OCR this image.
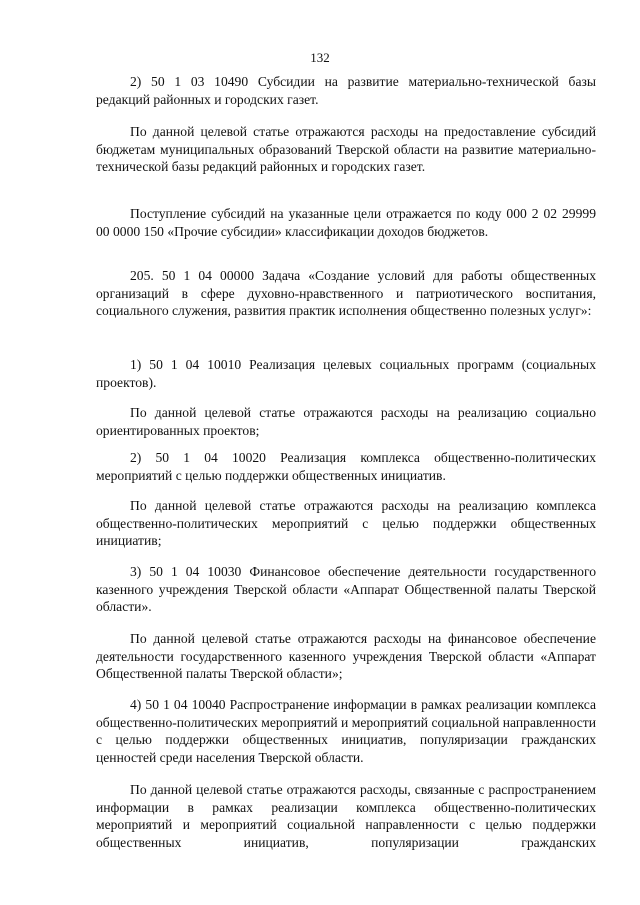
132

2) 50 1 03 10490 Субсидии на развитие материально-технической базы редакций районных и городских газет.

По данной целевой статье отражаются расходы на предоставление субсидий бюджетам муниципальных образований Тверской области на развитие материально-технической базы редакций районных и городских газет.

Поступление субсидий на указанные цели отражается по коду 000 2 02 29999 00 0000 150 «Прочие субсидии» классификации доходов бюджетов.

205. 50 1 04 00000 Задача «Создание условий для работы общественных организаций в сфере духовно-нравственного и патриотического воспитания, социального служения, развития практик исполнения общественно полезных услуг»:

1) 50 1 04 10010 Реализация целевых социальных программ (социальных проектов).

По данной целевой статье отражаются расходы на реализацию социально ориентированных проектов;

2) 50 1 04 10020 Реализация комплекса общественно-политических мероприятий с целью поддержки общественных инициатив.

По данной целевой статье отражаются расходы на реализацию комплекса общественно-политических мероприятий с целью поддержки общественных инициатив;

3) 50 1 04 10030 Финансовое обеспечение деятельности государственного казенного учреждения Тверской области «Аппарат Общественной палаты Тверской области».

По данной целевой статье отражаются расходы на финансовое обеспечение деятельности государственного казенного учреждения Тверской области «Аппарат Общественной палаты Тверской области»;

4) 50 1 04 10040 Распространение информации в рамках реализации комплекса общественно-политических мероприятий и мероприятий социальной направленности с целью поддержки общественных инициатив, популяризации гражданских ценностей среди населения Тверской области.

По данной целевой статье отражаются расходы, связанные с распространением информации в рамках реализации комплекса общественно-политических мероприятий и мероприятий социальной направленности с целью поддержки общественных инициатив, популяризации гражданских
